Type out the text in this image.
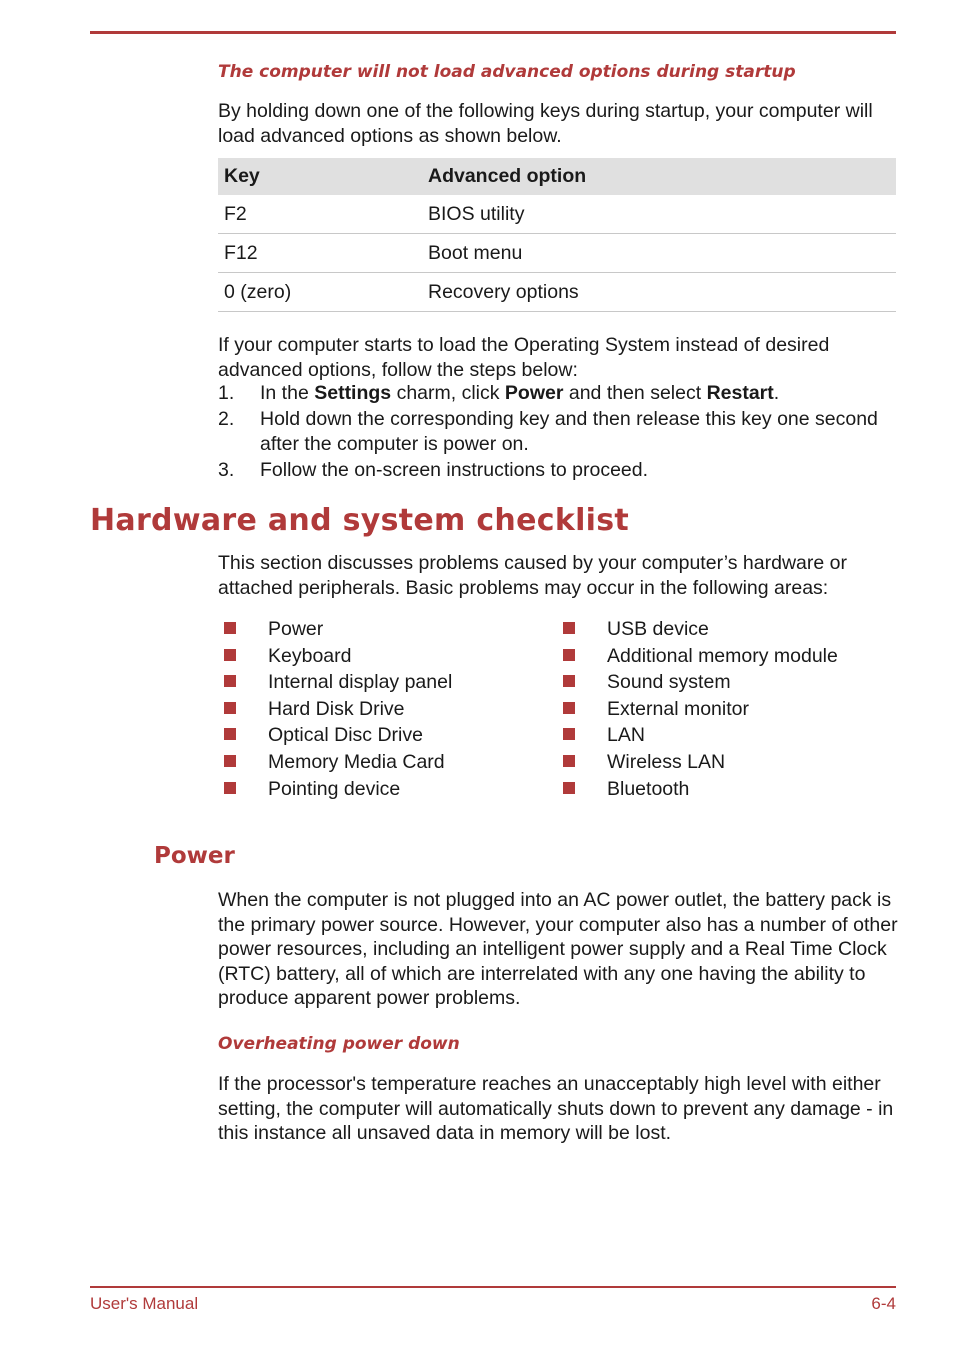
The computer will not load advanced options during startup

By holding down one of the following keys during startup, your computer will load advanced options as shown below.

Key	Advanced option
F2	BIOS utility
F12	Boot menu
0 (zero)	Recovery options

If your computer starts to load the Operating System instead of desired advanced options, follow the steps below:

1. In the Settings charm, click Power and then select Restart.
2. Hold down the corresponding key and then release this key one second after the computer is power on.
3. Follow the on-screen instructions to proceed.
Hardware and system checklist

This section discusses problems caused by your computer’s hardware or attached peripherals. Basic problems may occur in the following areas:

Power
Keyboard
Internal display panel
Hard Disk Drive
Optical Disc Drive
Memory Media Card
Pointing device
USB device
Additional memory module
Sound system
External monitor
LAN
Wireless LAN
Bluetooth
Power

When the computer is not plugged into an AC power outlet, the battery pack is the primary power source. However, your computer also has a number of other power resources, including an intelligent power supply and a Real Time Clock (RTC) battery, all of which are interrelated with any one having the ability to produce apparent power problems.

Overheating power down

If the processor's temperature reaches an unacceptably high level with either setting, the computer will automatically shuts down to prevent any damage - in this instance all unsaved data in memory will be lost.

User's Manual	6-4
